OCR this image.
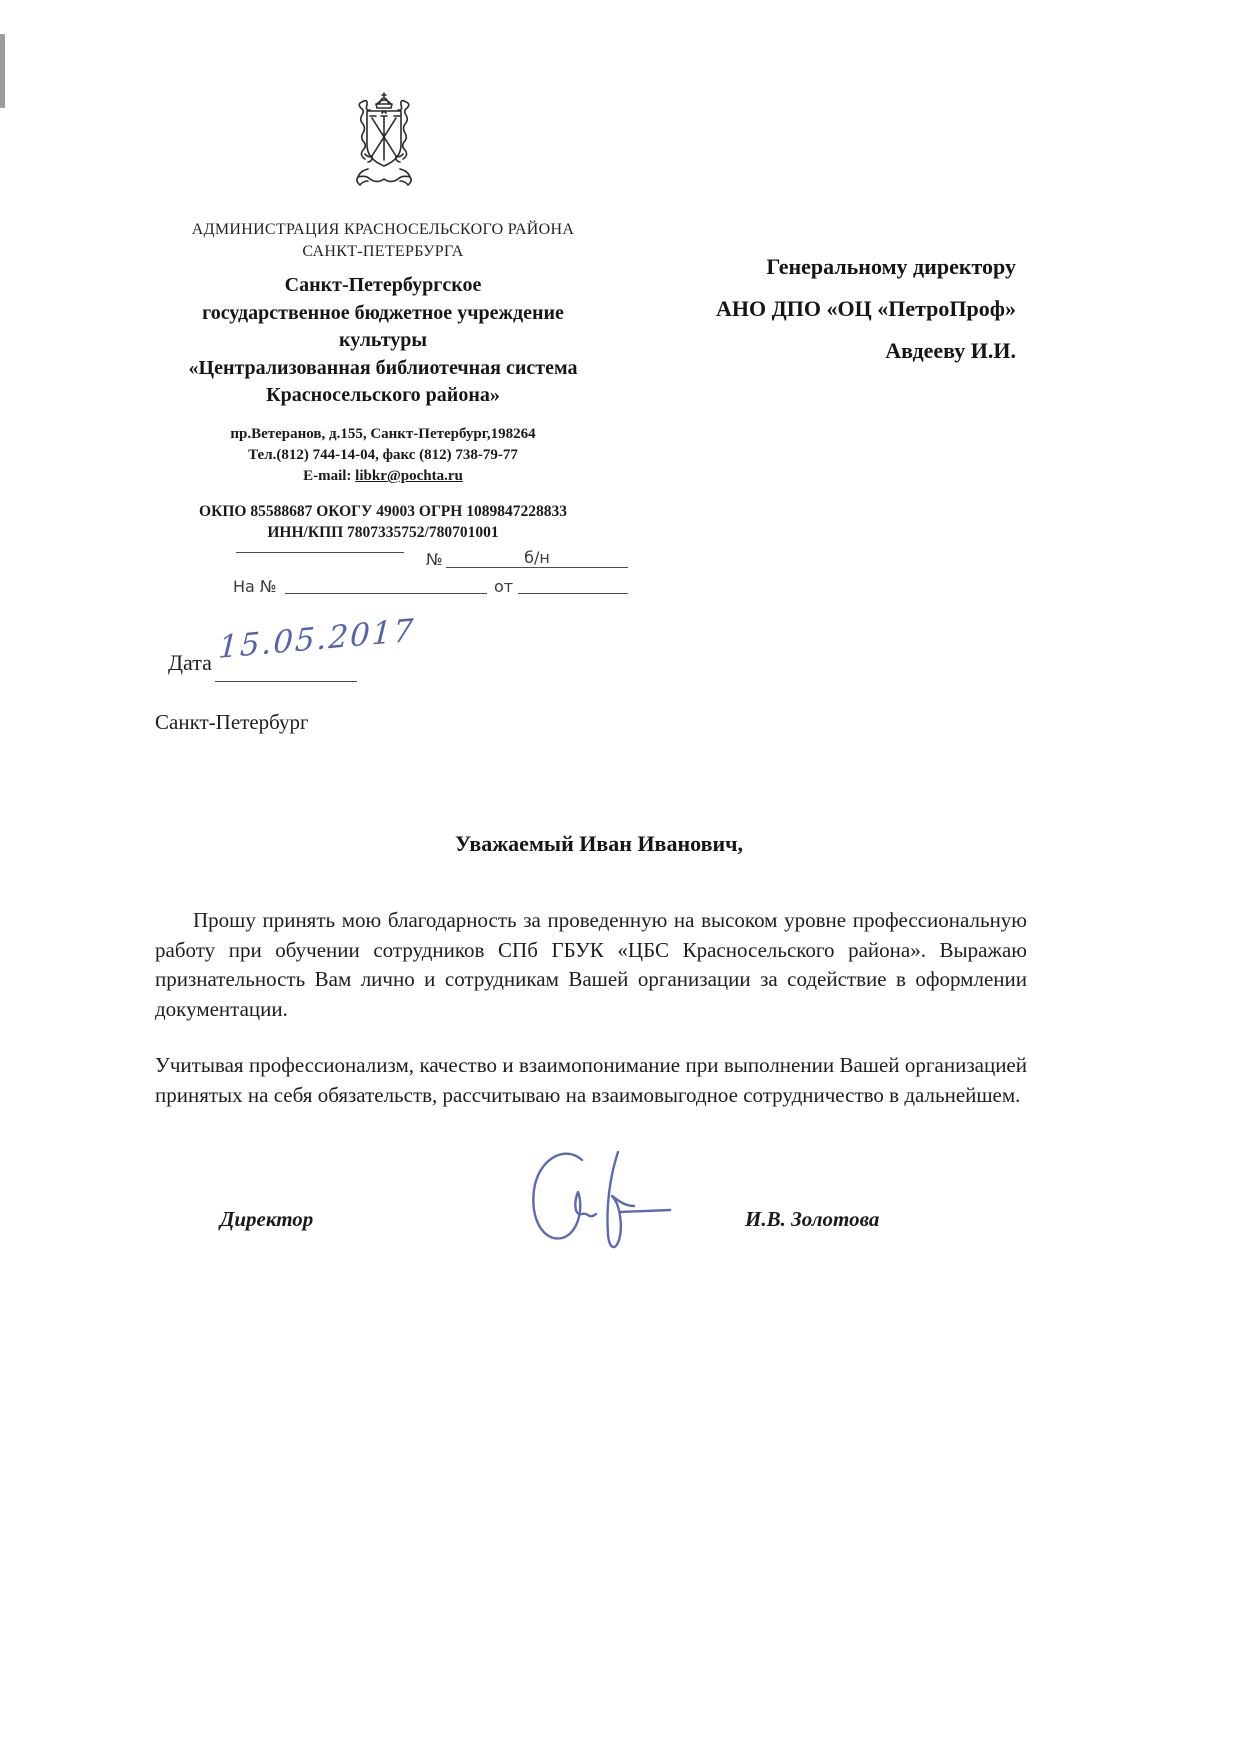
АДМИНИСТРАЦИЯ КРАСНОСЕЛЬСКОГО РАЙОНА
САНКТ-ПЕТЕРБУРГА
Санкт-Петербургское
государственное бюджетное учреждение
культуры
«Централизованная библиотечная система
Красносельского района»
пр.Ветеранов, д.155, Санкт-Петербург,198264
Тел.(812) 744-14-04, факс (812) 738-79-77
E-mail: libkr@pochta.ru
ОКПО 85588687 ОКОГУ 49003 ОГРН 1089847228833
ИНН/КПП 7807335752/780701001
№	б/н
На №	от
Генеральному директору
АНО ДПО «ОЦ «ПетроПроф»
Авдееву И.И.
Дата 15.05.2017
Санкт-Петербург
Уважаемый Иван Иванович,

Прошу принять мою благодарность за проведенную на высоком уровне профессиональную работу при обучении сотрудников СПб ГБУК «ЦБС Красносельского района». Выражаю признательность Вам лично и сотрудникам Вашей организации за содействие в оформлении документации.

Учитывая профессионализм, качество и взаимопонимание при выполнении Вашей организацией принятых на себя обязательств, рассчитываю на взаимовыгодное сотрудничество в дальнейшем.

Директор	И.В. Золотова
